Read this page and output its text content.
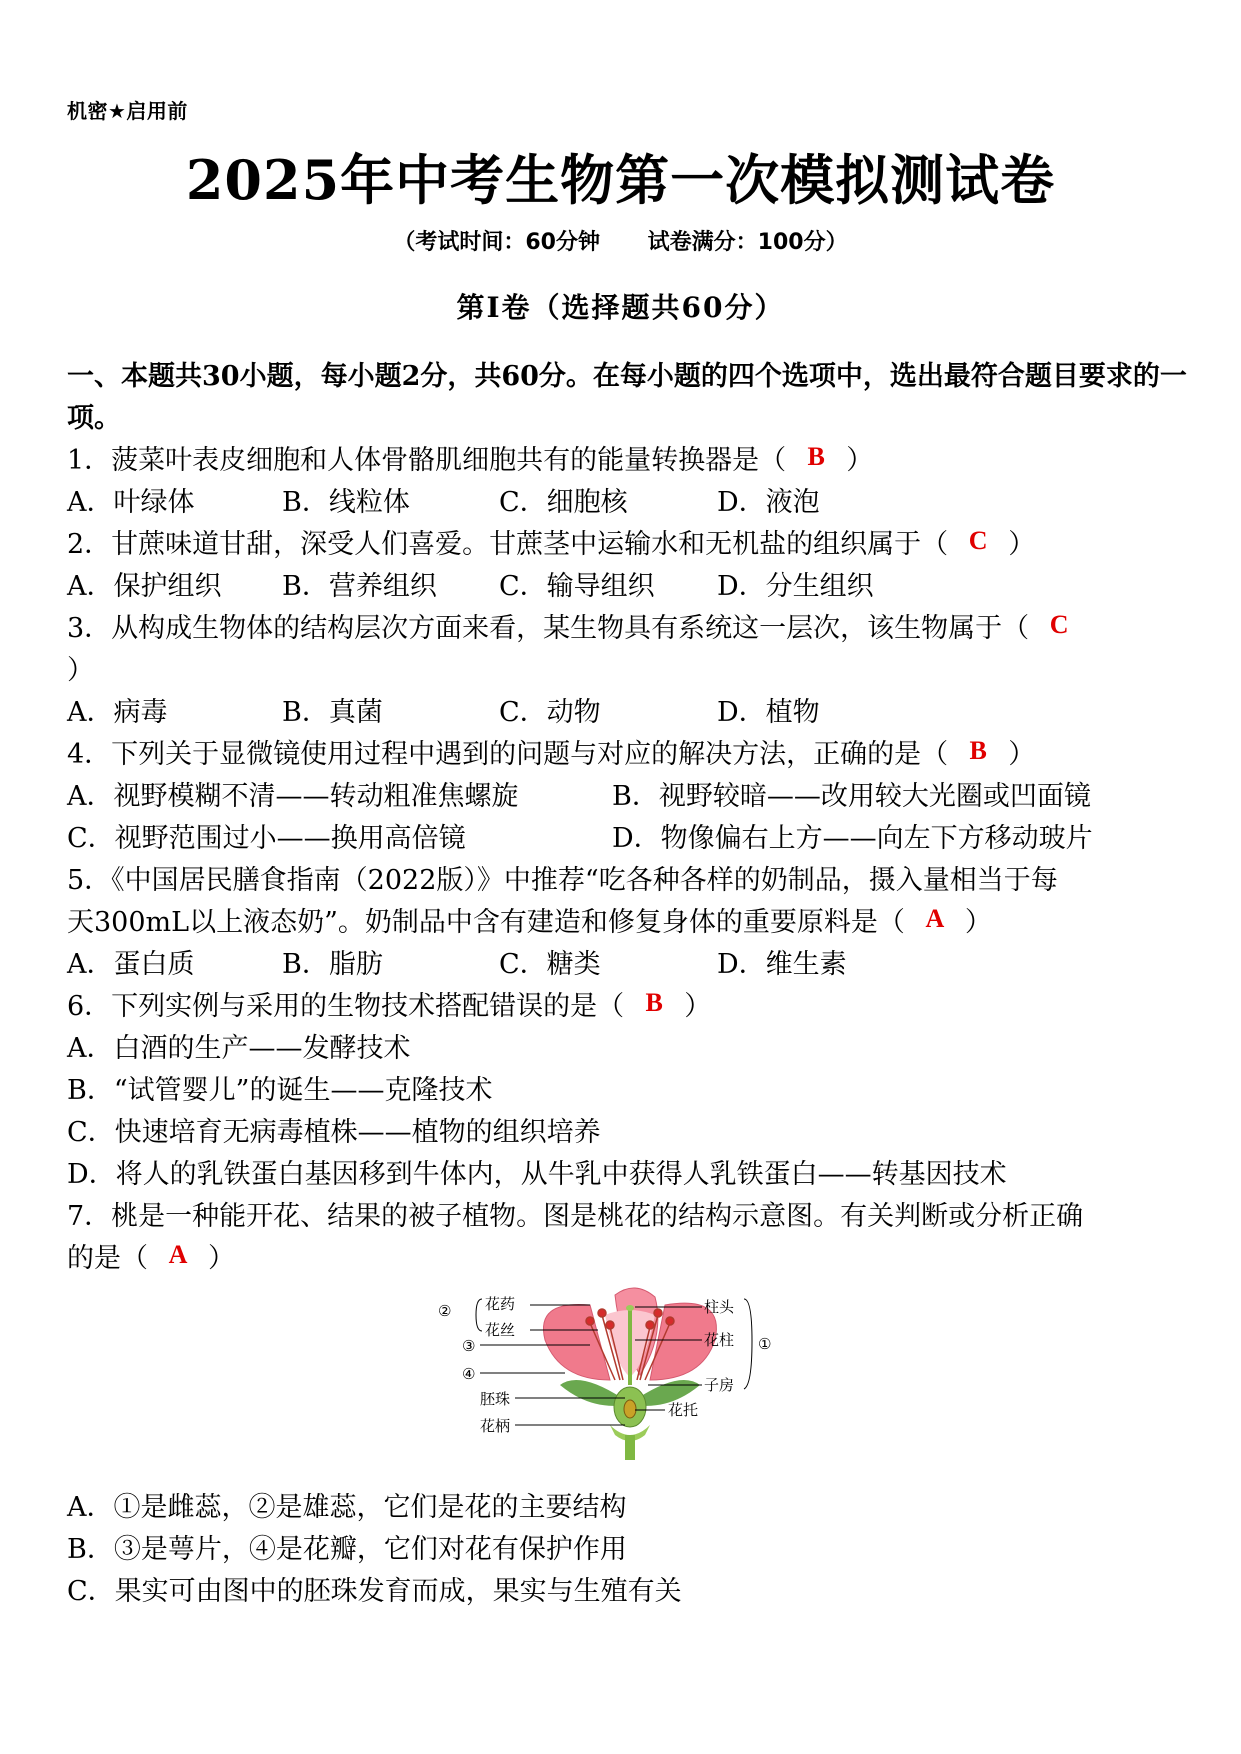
机密★启用前
2025年中考生物第一次模拟测试卷
（考试时间：60分钟 试卷满分：100分）
第Ⅰ卷（选择题共60分）
一、本题共30小题，每小题2分，共60分。在每小题的四个选项中，选出最符合题目要求的一项。
1．菠菜叶表皮细胞和人体骨骼肌细胞共有的能量转换器是（ B ）
A．叶绿体	B．线粒体	C．细胞核	D．液泡
2．甘蔗味道甘甜，深受人们喜爱。甘蔗茎中运输水和无机盐的组织属于（ C ）
A．保护组织 B．营养组织 C．输导组织 D．分生组织
3．从构成生物体的结构层次方面来看，某生物具有系统这一层次，该生物属于（ C
）
A．病毒	B．真菌	C．动物	D．植物
4．下列关于显微镜使用过程中遇到的问题与对应的解决方法，正确的是（ B ）
A．视野模糊不清——转动粗准焦螺旋	B．视野较暗——改用较大光圈或凹面镜
C．视野范围过小——换用高倍镜	D．物像偏右上方——向左下方移动玻片
5．《中国居民膳食指南（2022版）》中推荐“吃各种各样的奶制品，摄入量相当于每
天300mL以上液态奶”。奶制品中含有建造和修复身体的重要原料是（ A ）
A．蛋白质	B．脂肪	C．糖类	D．维生素
6．下列实例与采用的生物技术搭配错误的是（ B ）
A．白酒的生产——发酵技术
B．“试管婴儿”的诞生——克隆技术
C．快速培育无病毒植株——植物的组织培养
D．将人的乳铁蛋白基因移到牛体内，从牛乳中获得人乳铁蛋白——转基因技术
7．桃是一种能开花、结果的被子植物。图是桃花的结构示意图。有关判断或分析正确
的是（ A ）
② 花药
花丝
③
④
胚珠
花柄
柱头
花柱
子房
花托
①
A．①是雌蕊，②是雄蕊，它们是花的主要结构
B．③是萼片，④是花瓣，它们对花有保护作用
C．果实可由图中的胚珠发育而成，果实与生殖有关
